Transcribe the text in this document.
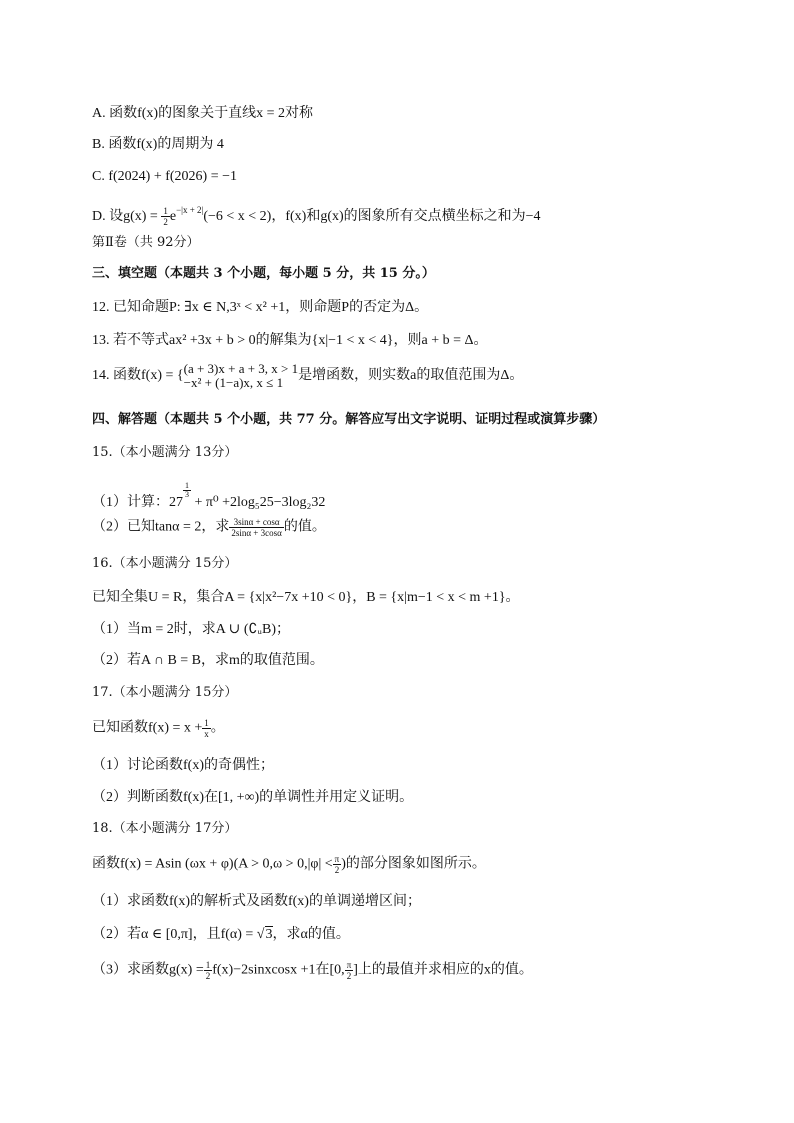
A. 函数f(x)的图象关于直线x = 2对称
B. 函数f(x)的周期为 4
C. f(2024) + f(2026) = −1
D. 设$g(x) = \frac{1}{2} e^{-|x + 2|}(-6 < x < 2)$，f(x)和g(x)的图象所有交点横坐标之和为−4
第Ⅱ卷（共 92分）
三、填空题（本题共 3 个小题，每小题 5 分，共 15 分。）
12. 已知命题P: ∃x ∈ N,3ˣ < x² +1，则命题P的否定为Δ。
13. 若不等式ax² +3x + b > 0的解集为{x|−1 < x < 4}，则a + b = Δ。
14. 函数f(x) = { (a + 3)x + a + 3, x > 1
−x² + (1−a)x, x ≤ 1	是增函数，则实数a的取值范围为Δ。
四、解答题（本题共 5 个小题，共 77 分。解答应写出文字说明、证明过程或演算步骤）
15.（本小题满分 13分）
（1）计算：27
$\frac{1}{3}$
+ π⁰ +2log₅25−3log₂32
（2）已知tanα = 2，求 $\frac{3\sin\alpha + \cos\alpha}{2\sin\alpha + 3\cos\alpha}$ 的值。
16.（本小题满分 15分）
已知全集U = R，集合A = {x|x²−7x +10 < 0}，B = {x|m−1 < x < m +1}。
（1）当m = 2时，求A ∪ (∁ᵤB)；
（2）若A ∩ B = B，求m的取值范围。
17.（本小题满分 15分）
已知函数$f(x) = x + \frac{1}{x}$ 。
（1）讨论函数f(x)的奇偶性；
（2）判断函数f(x)在[1, +∞)的单调性并用定义证明。
18.（本小题满分 17分）
函数f(x) = Asin $(\omega x + \varphi)(A > 0,\omega > 0,|\varphi| < \frac{\pi}{2}$ )的部分图象如图所示。
（1）求函数f(x)的解析式及函数f(x)的单调递增区间；
（2）若α ∈ [0,π]，且f(α) = √3，求α的值。
（3）求函数$g(x) = \frac{1}{2}$ f(x)−2sinxcosx +1在[0, $\frac{\pi}{2}$ ]上的最值并求相应的x的值。
